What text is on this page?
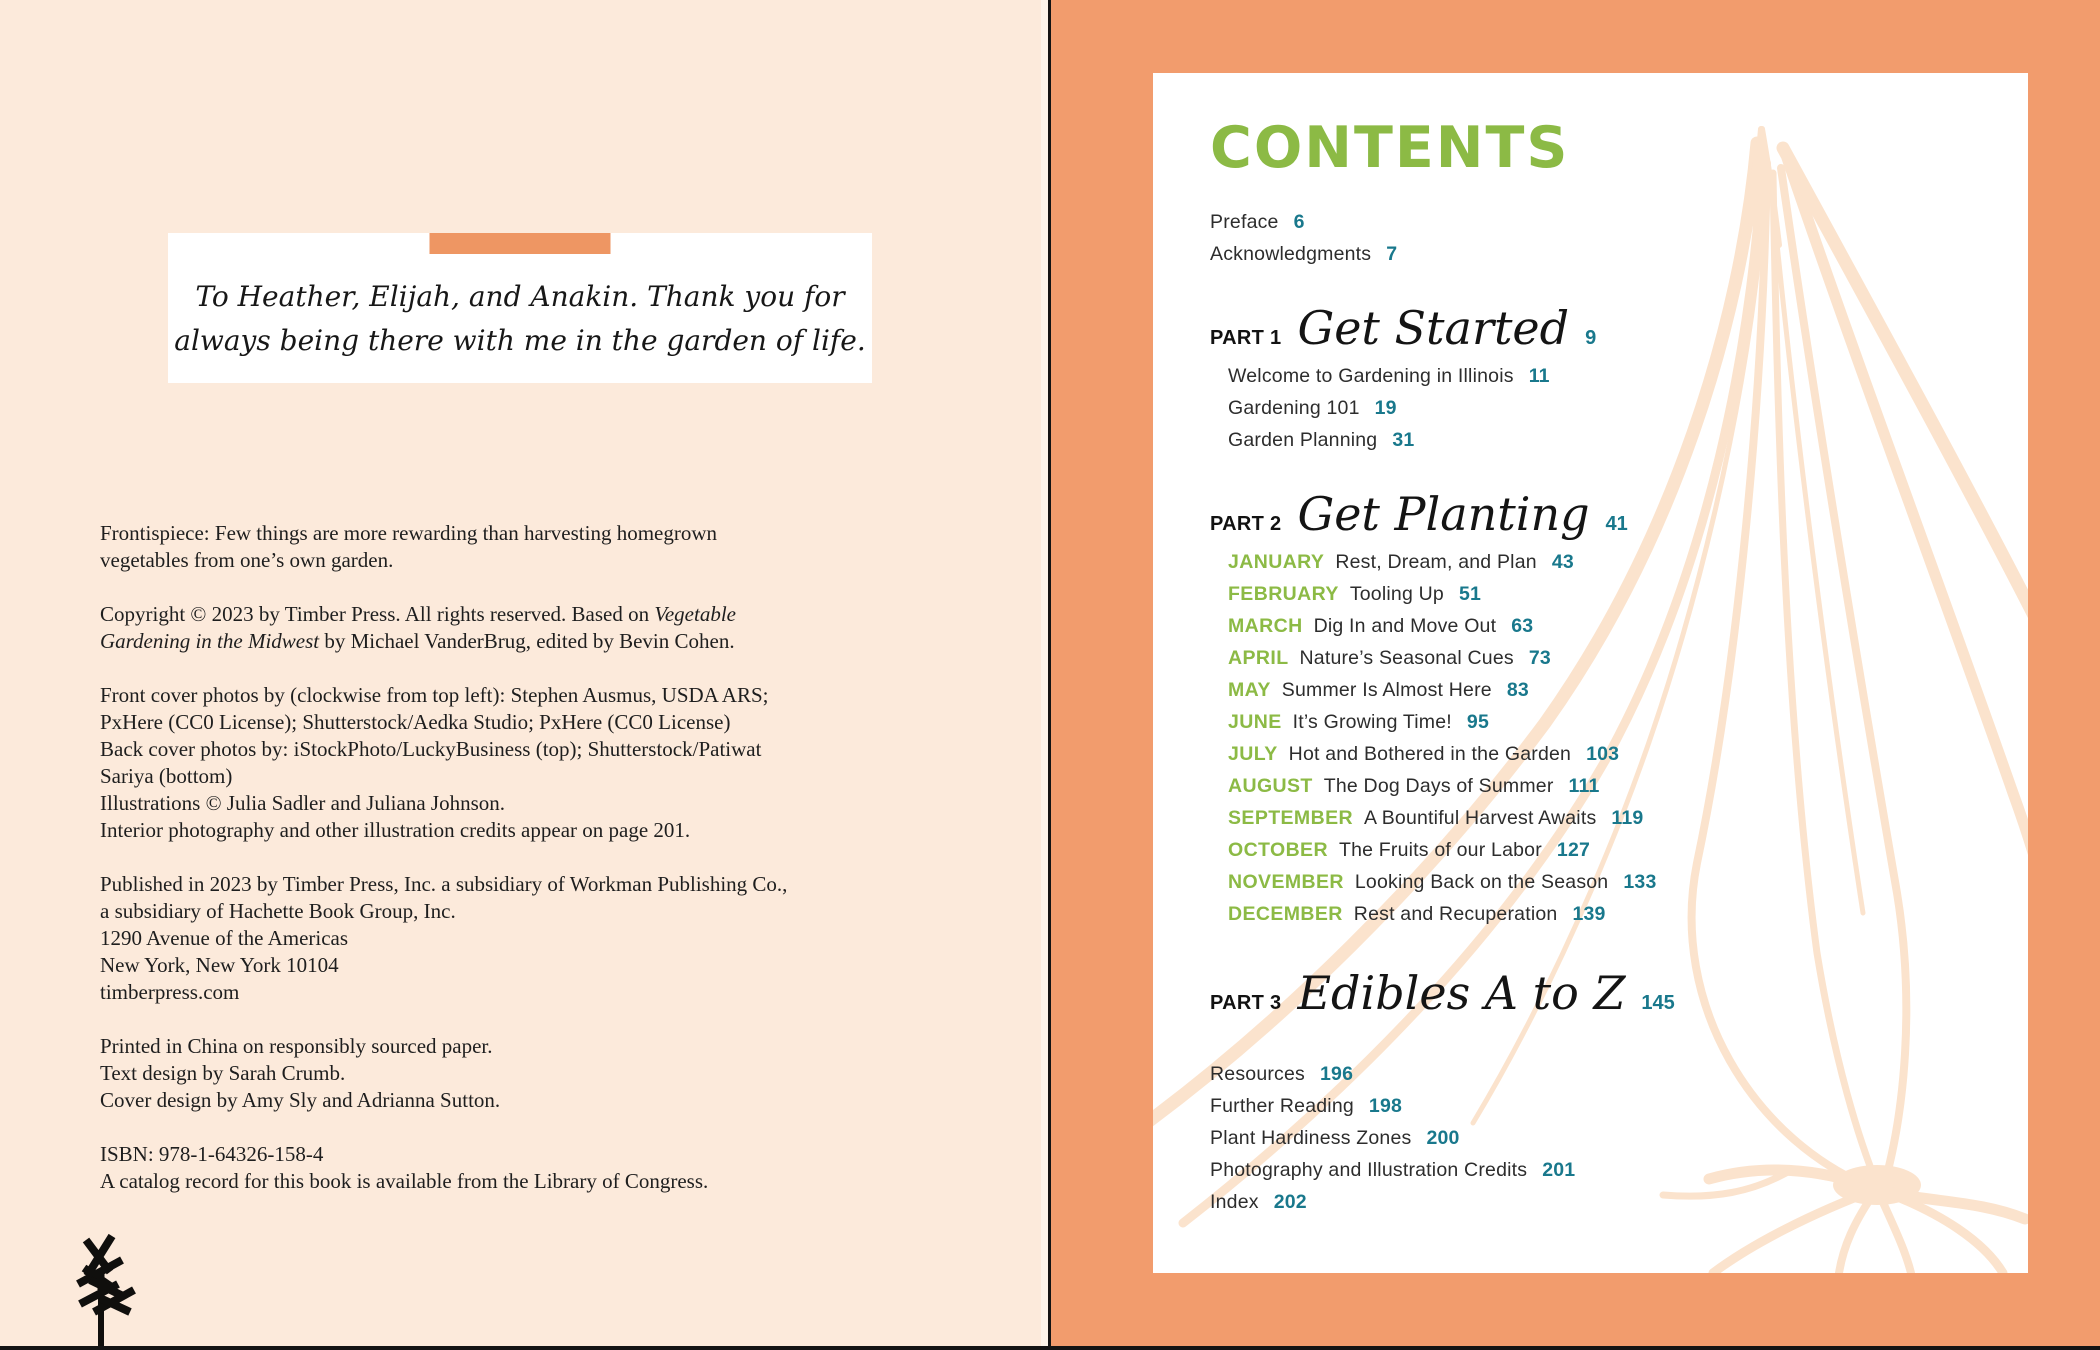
To Heather, Elijah, and Anakin. Thank you for
always being there with me in the garden of life.
Frontispiece: Few things are more rewarding than harvesting homegrown
vegetables from one’s own garden.
Copyright © 2023 by Timber Press. All rights reserved. Based on Vegetable
Gardening in the Midwest by Michael VanderBrug, edited by Bevin Cohen.
Front cover photos by (clockwise from top left): Stephen Ausmus, USDA ARS;
PxHere (CC0 License); Shutterstock/Aedka Studio; PxHere (CC0 License)
Back cover photos by: iStockPhoto/LuckyBusiness (top); Shutterstock/Patiwat
Sariya (bottom)
Illustrations © Julia Sadler and Juliana Johnson.
Interior photography and other illustration credits appear on page 201.
Published in 2023 by Timber Press, Inc. a subsidiary of Workman Publishing Co.,
a subsidiary of Hachette Book Group, Inc.
1290 Avenue of the Americas
New York, New York 10104
timberpress.com
Printed in China on responsibly sourced paper.
Text design by Sarah Crumb.
Cover design by Amy Sly and Adrianna Sutton.
ISBN: 978-1-64326-158-4
A catalog record for this book is available from the Library of Congress.
CONTENTS
Preface 6
Acknowledgments 7
PART 1 Get Started 9
Welcome to Gardening in Illinois 11
Gardening 101 19
Garden Planning 31
PART 2 Get Planting 41
JANUARY Rest, Dream, and Plan 43
FEBRUARY Tooling Up 51
MARCH Dig In and Move Out 63
APRIL Nature’s Seasonal Cues 73
MAY Summer Is Almost Here 83
JUNE It’s Growing Time! 95
JULY Hot and Bothered in the Garden 103
AUGUST The Dog Days of Summer 111
SEPTEMBER A Bountiful Harvest Awaits 119
OCTOBER The Fruits of our Labor 127
NOVEMBER Looking Back on the Season 133
DECEMBER Rest and Recuperation 139
PART 3 Edibles A to Z 145
Resources 196
Further Reading 198
Plant Hardiness Zones 200
Photography and Illustration Credits 201
Index 202
